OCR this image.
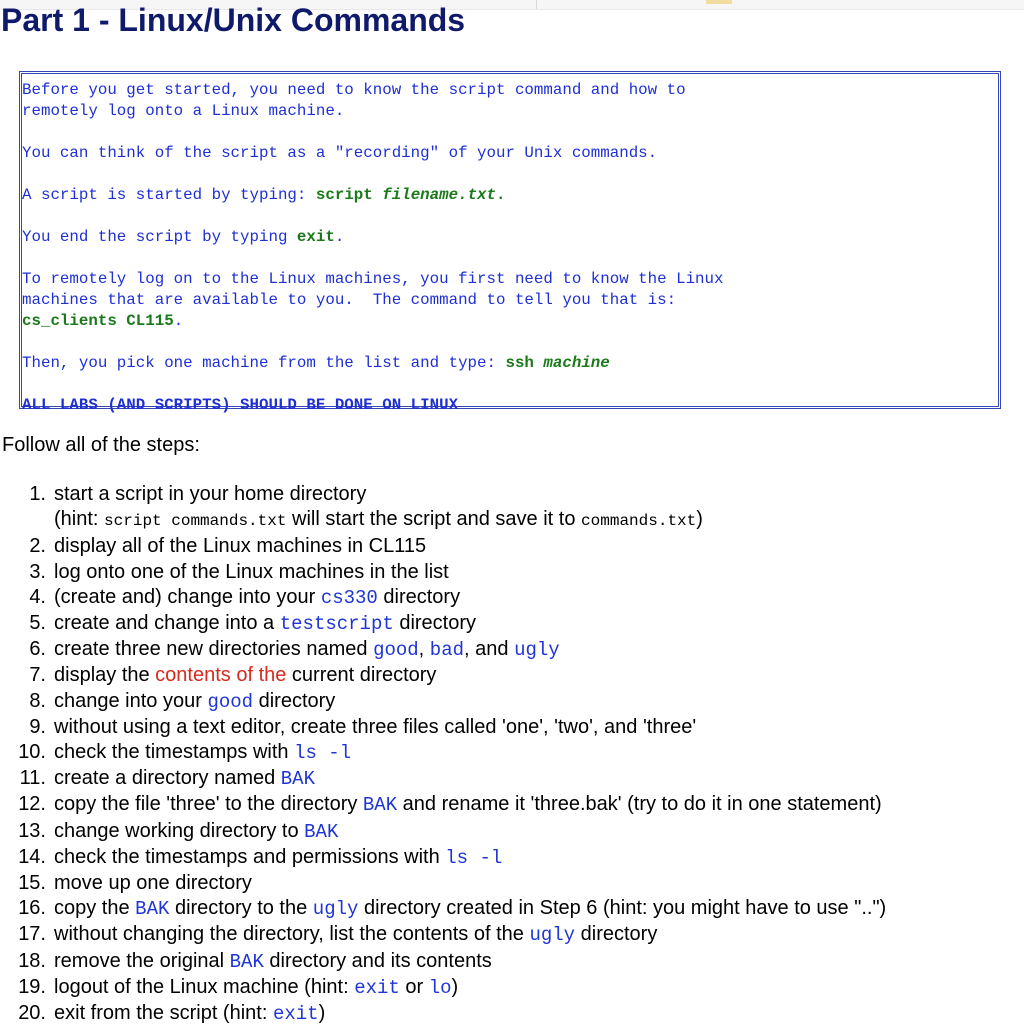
Part 1 - Linux/Unix Commands

Before you get started, you need to know the script command and how to
remotely log onto a Linux machine.

You can think of the script as a "recording" of your Unix commands.

A script is started by typing: script filename.txt.

You end the script by typing exit.

To remotely log on to the Linux machines, you first need to know the Linux
machines that are available to you.  The command to tell you that is:
cs_clients CL115.

Then, you pick one machine from the list and type: ssh machine

ALL LABS (AND SCRIPTS) SHOULD BE DONE ON LINUX

Follow all of the steps:
1. start a script in your home directory
(hint: script commands.txt will start the script and save it to commands.txt)
2. display all of the Linux machines in CL115
3. log onto one of the Linux machines in the list
4. (create and) change into your cs330 directory
5. create and change into a testscript directory
6. create three new directories named good, bad, and ugly
7. display the contents of the current directory
8. change into your good directory
9. without using a text editor, create three files called 'one', 'two', and 'three'
10. check the timestamps with ls -l
11. create a directory named BAK
12. copy the file 'three' to the directory BAK and rename it 'three.bak' (try to do it in one statement)
13. change working directory to BAK
14. check the timestamps and permissions with ls -l
15. move up one directory
16. copy the BAK directory to the ugly directory created in Step 6 (hint: you might have to use "..")
17. without changing the directory, list the contents of the ugly directory
18. remove the original BAK directory and its contents
19. logout of the Linux machine (hint: exit or lo)
20. exit from the script (hint: exit)
